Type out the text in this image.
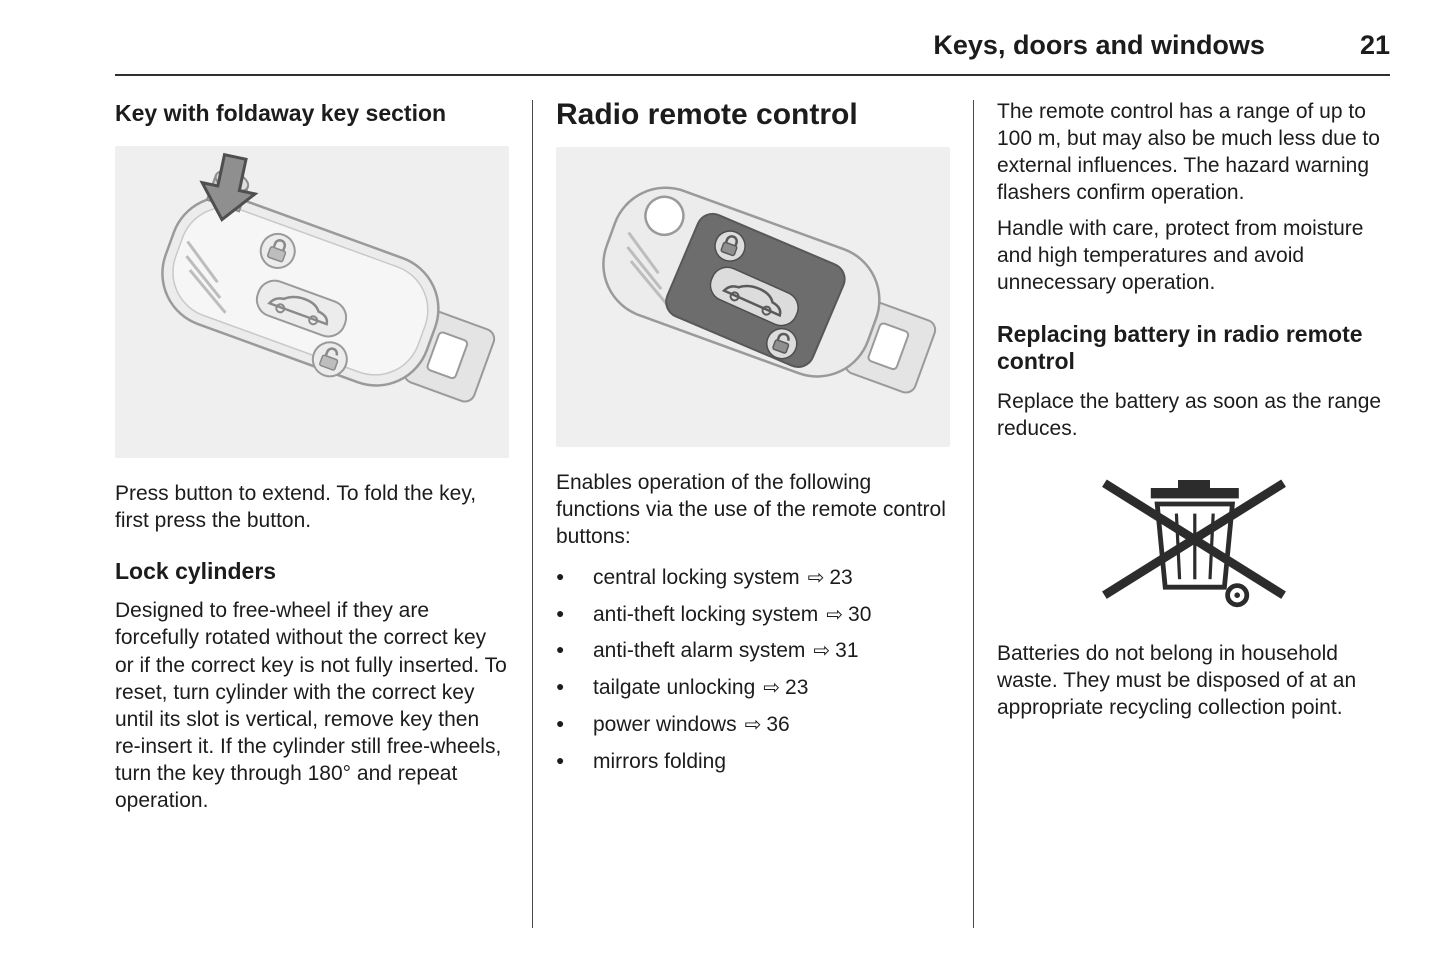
Keys, doors and windows	21
Key with foldaway key section

Press button to extend. To fold the key, first press the button.

Lock cylinders

Designed to free-wheel if they are forcefully rotated without the correct key or if the correct key is not fully inserted. To reset, turn cylinder with the correct key until its slot is vertical, remove key then re-insert it. If the cylinder still free-wheels, turn the key through 180° and repeat operation.

Radio remote control

Enables operation of the following functions via the use of the remote control buttons:

●	central locking system ⇨ 23
●	anti-theft locking system ⇨ 30
●	anti-theft alarm system ⇨ 31
●	tailgate unlocking ⇨ 23
●	power windows ⇨ 36
●	mirrors folding

The remote control has a range of up to 100 m, but may also be much less due to external influences. The hazard warning flashers confirm operation.

Handle with care, protect from moisture and high temperatures and avoid unnecessary operation.

Replacing battery in radio remote control

Replace the battery as soon as the range reduces.

Batteries do not belong in household waste. They must be disposed of at an appropriate recycling collection point.
